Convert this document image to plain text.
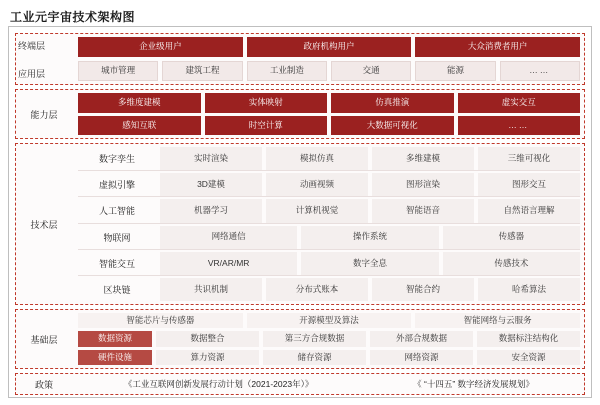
工业元宇宙技术架构图
终端层	企业级用户	政府机构用户	大众消费者用户
应用层	城市管理	建筑工程	工业制造	交通	能源	……
能力层
多维度建模	实体映射	仿真推演	虚实交互
感知互联	时空计算	大数据可视化	……
技术层
数字孪生	实时渲染	模拟仿真	多维建模	三维可视化
虚拟引擎	3D建模	动画视频	图形渲染	图形交互
人工智能	机器学习	计算机视觉	智能语音	自然语言理解
物联网	网络通信	操作系统	传感器
智能交互	VR/AR/MR	数字全息	传感技术
区块链	共识机制	分布式账本	智能合约	哈希算法
基础层
智能芯片与传感器	开源模型及算法	智能网络与云服务
数据资源	数据整合	第三方合规数据	外部合规数据	数据标注结构化
硬件设施	算力资源	储存资源	网络资源	安全资源
政策	《工业互联网创新发展行动计划（2021-2023年）》	《 “十四五” 数字经济发展规划》
